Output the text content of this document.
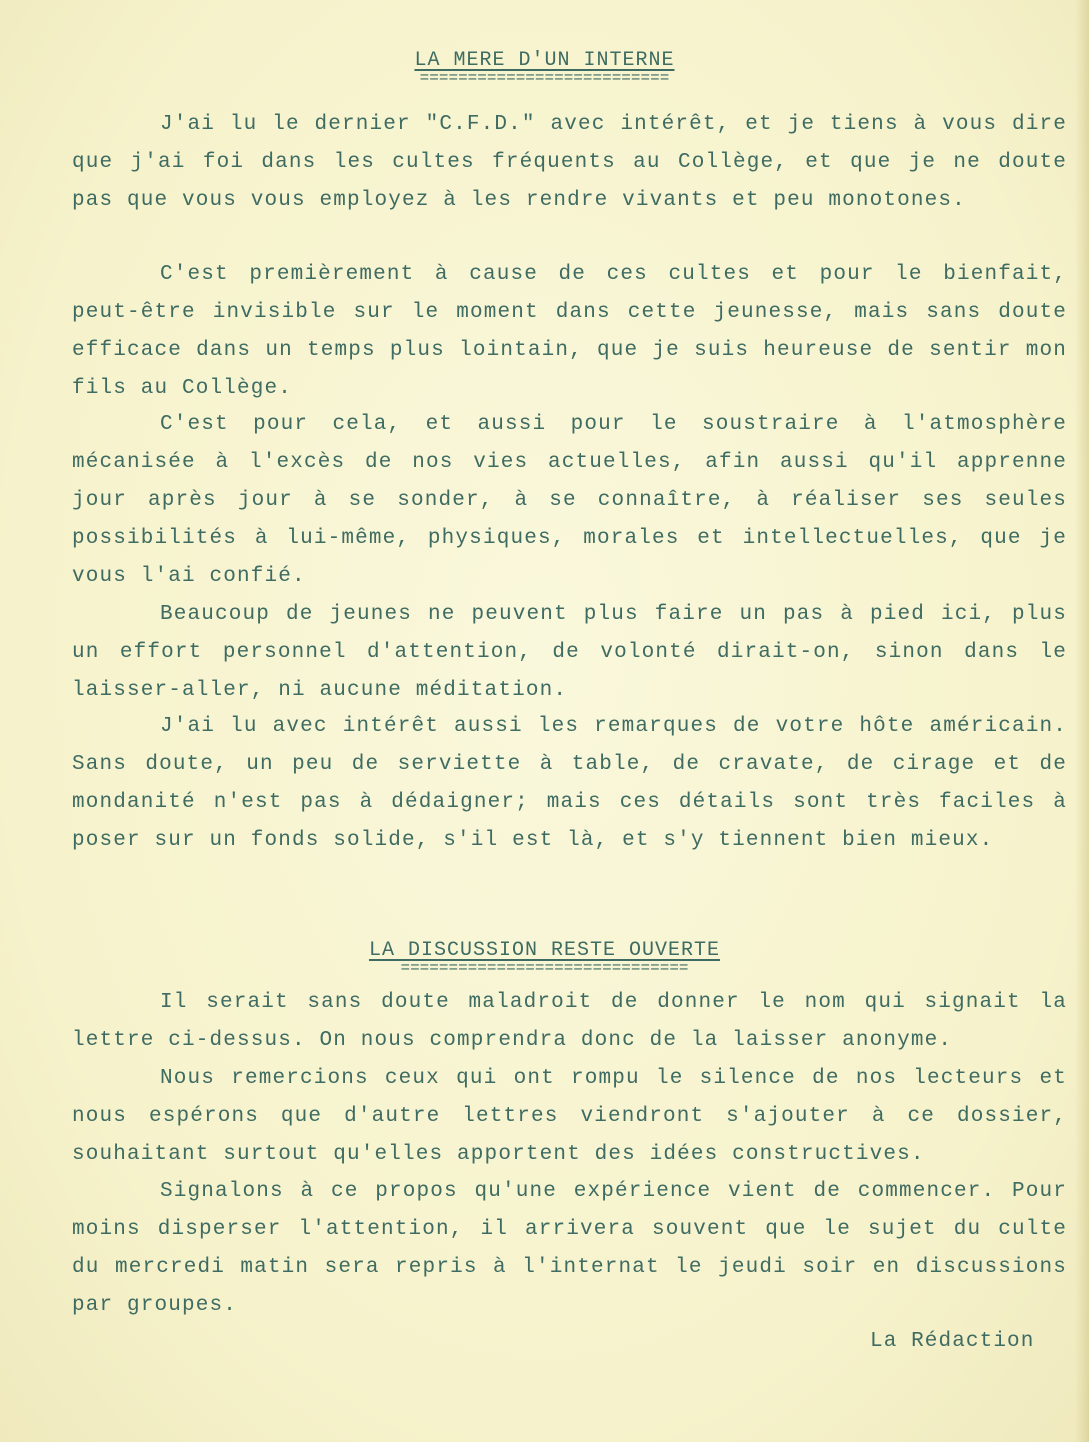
LA MERE D'UN INTERNE
==========================

J'ai lu le dernier "C.F.D." avec intérêt, et je tiens à vous dire que j'ai foi dans les cultes fréquents au Collège, et que je ne doute pas que vous vous employez à les rendre vivants et peu monotones.

C'est premièrement à cause de ces cultes et pour le bienfait, peut-être invisible sur le moment dans cette jeunesse, mais sans doute efficace dans un temps plus lointain, que je suis heureuse de sentir mon fils au Collège.

C'est pour cela, et aussi pour le soustraire à l'atmosphère mécanisée à l'excès de nos vies actuelles, afin aussi qu'il apprenne jour après jour à se sonder, à se connaître, à réaliser ses seules possibilités à lui-même, physiques, morales et intellectuelles, que je vous l'ai confié.

Beaucoup de jeunes ne peuvent plus faire un pas à pied ici, plus un effort personnel d'attention, de volonté dirait-on, sinon dans le laisser-aller, ni aucune méditation.

J'ai lu avec intérêt aussi les remarques de votre hôte américain. Sans doute, un peu de serviette à table, de cravate, de cirage et de mondanité n'est pas à dédaigner; mais ces détails sont très faciles à poser sur un fonds solide, s'il est là, et s'y tiennent bien mieux.

LA DISCUSSION RESTE OUVERTE
==============================

Il serait sans doute maladroit de donner le nom qui signait la lettre ci-dessus. On nous comprendra donc de la laisser anonyme.

Nous remercions ceux qui ont rompu le silence de nos lecteurs et nous espérons que d'autre lettres viendront s'ajouter à ce dossier, souhaitant surtout qu'elles apportent des idées constructives.

Signalons à ce propos qu'une expérience vient de commencer. Pour moins disperser l'attention, il arrivera souvent que le sujet du culte du mercredi matin sera repris à l'internat le jeudi soir en discussions par groupes.

La Rédaction
